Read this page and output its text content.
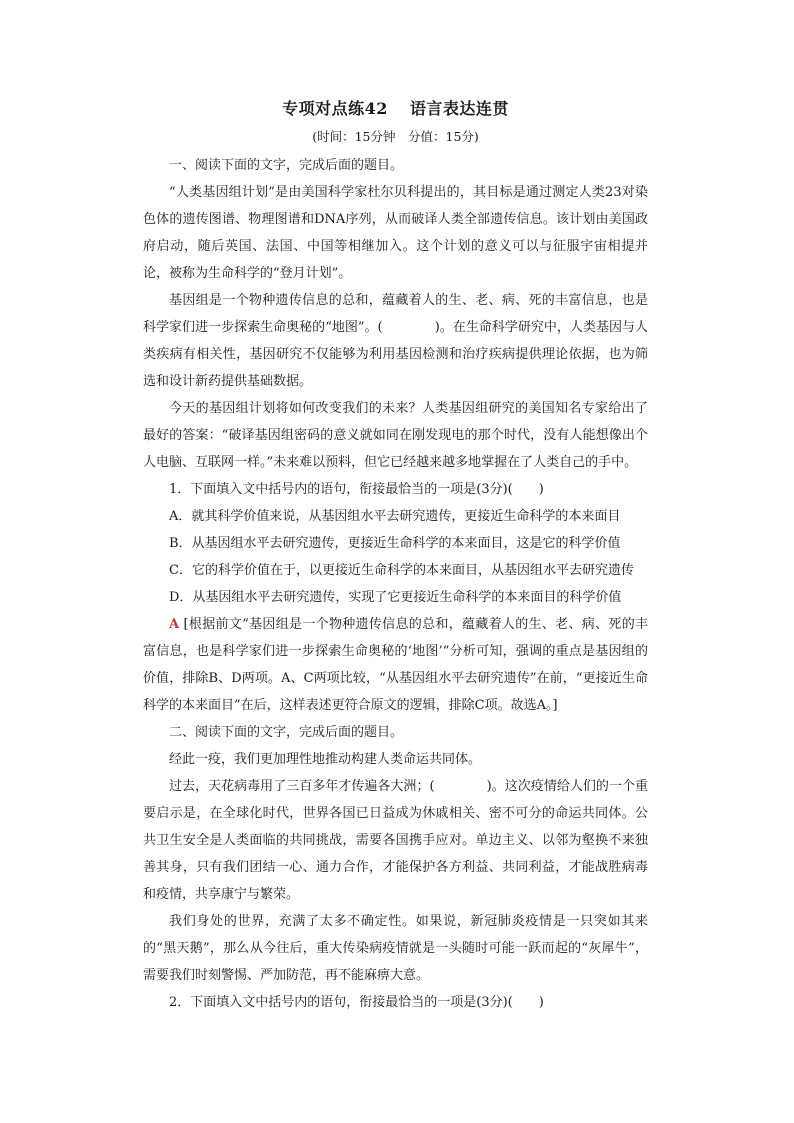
专项对点练42 语言表达连贯
(时间：15分钟　分值：15分)

一、阅读下面的文字，完成后面的题目。

“人类基因组计划”是由美国科学家杜尔贝科提出的，其目标是通过测定人类23对染色体的遗传图谱、物理图谱和DNA序列，从而破译人类全部遗传信息。该计划由美国政府启动，随后英国、法国、中国等相继加入。这个计划的意义可以与征服宇宙相提并论，被称为生命科学的“登月计划”。

基因组是一个物种遗传信息的总和，蕴藏着人的生、老、病、死的丰富信息，也是科学家们进一步探索生命奥秘的“地图”。(　　　　)。在生命科学研究中，人类基因与人类疾病有相关性，基因研究不仅能够为利用基因检测和治疗疾病提供理论依据，也为筛选和设计新药提供基础数据。

今天的基因组计划将如何改变我们的未来？人类基因组研究的美国知名专家给出了最好的答案：“破译基因组密码的意义就如同在刚发现电的那个时代，没有人能想像出个人电脑、互联网一样。”未来难以预料，但它已经越来越多地掌握在了人类自己的手中。

1．下面填入文中括号内的语句，衔接最恰当的一项是(3分)(　　)

A．就其科学价值来说，从基因组水平去研究遗传，更接近生命科学的本来面目

B．从基因组水平去研究遗传，更接近生命科学的本来面目，这是它的科学价值

C．它的科学价值在于，以更接近生命科学的本来面目，从基因组水平去研究遗传

D．从基因组水平去研究遗传，实现了它更接近生命科学的本来面目的科学价值

A [根据前文“基因组是一个物种遗传信息的总和，蕴藏着人的生、老、病、死的丰富信息，也是科学家们进一步探索生命奥秘的‘地图’”分析可知，强调的重点是基因组的价值，排除B、D两项。A、C两项比较，“从基因组水平去研究遗传”在前，“更接近生命科学的本来面目”在后，这样表述更符合原文的逻辑，排除C项。故选A。]

二、阅读下面的文字，完成后面的题目。

经此一疫，我们更加理性地推动构建人类命运共同体。

过去，天花病毒用了三百多年才传遍各大洲；(　　　　)。这次疫情给人们的一个重要启示是，在全球化时代，世界各国已日益成为休戚相关、密不可分的命运共同体。公共卫生安全是人类面临的共同挑战，需要各国携手应对。单边主义、以邻为壑换不来独善其身，只有我们团结一心、通力合作，才能保护各方利益、共同利益，才能战胜病毒和疫情，共享康宁与繁荣。

我们身处的世界，充满了太多不确定性。如果说，新冠肺炎疫情是一只突如其来的“黑天鹅”，那么从今往后，重大传染病疫情就是一头随时可能一跃而起的“灰犀牛”，需要我们时刻警惕、严加防范，再不能麻痹大意。

2．下面填入文中括号内的语句，衔接最恰当的一项是(3分)(　　)
